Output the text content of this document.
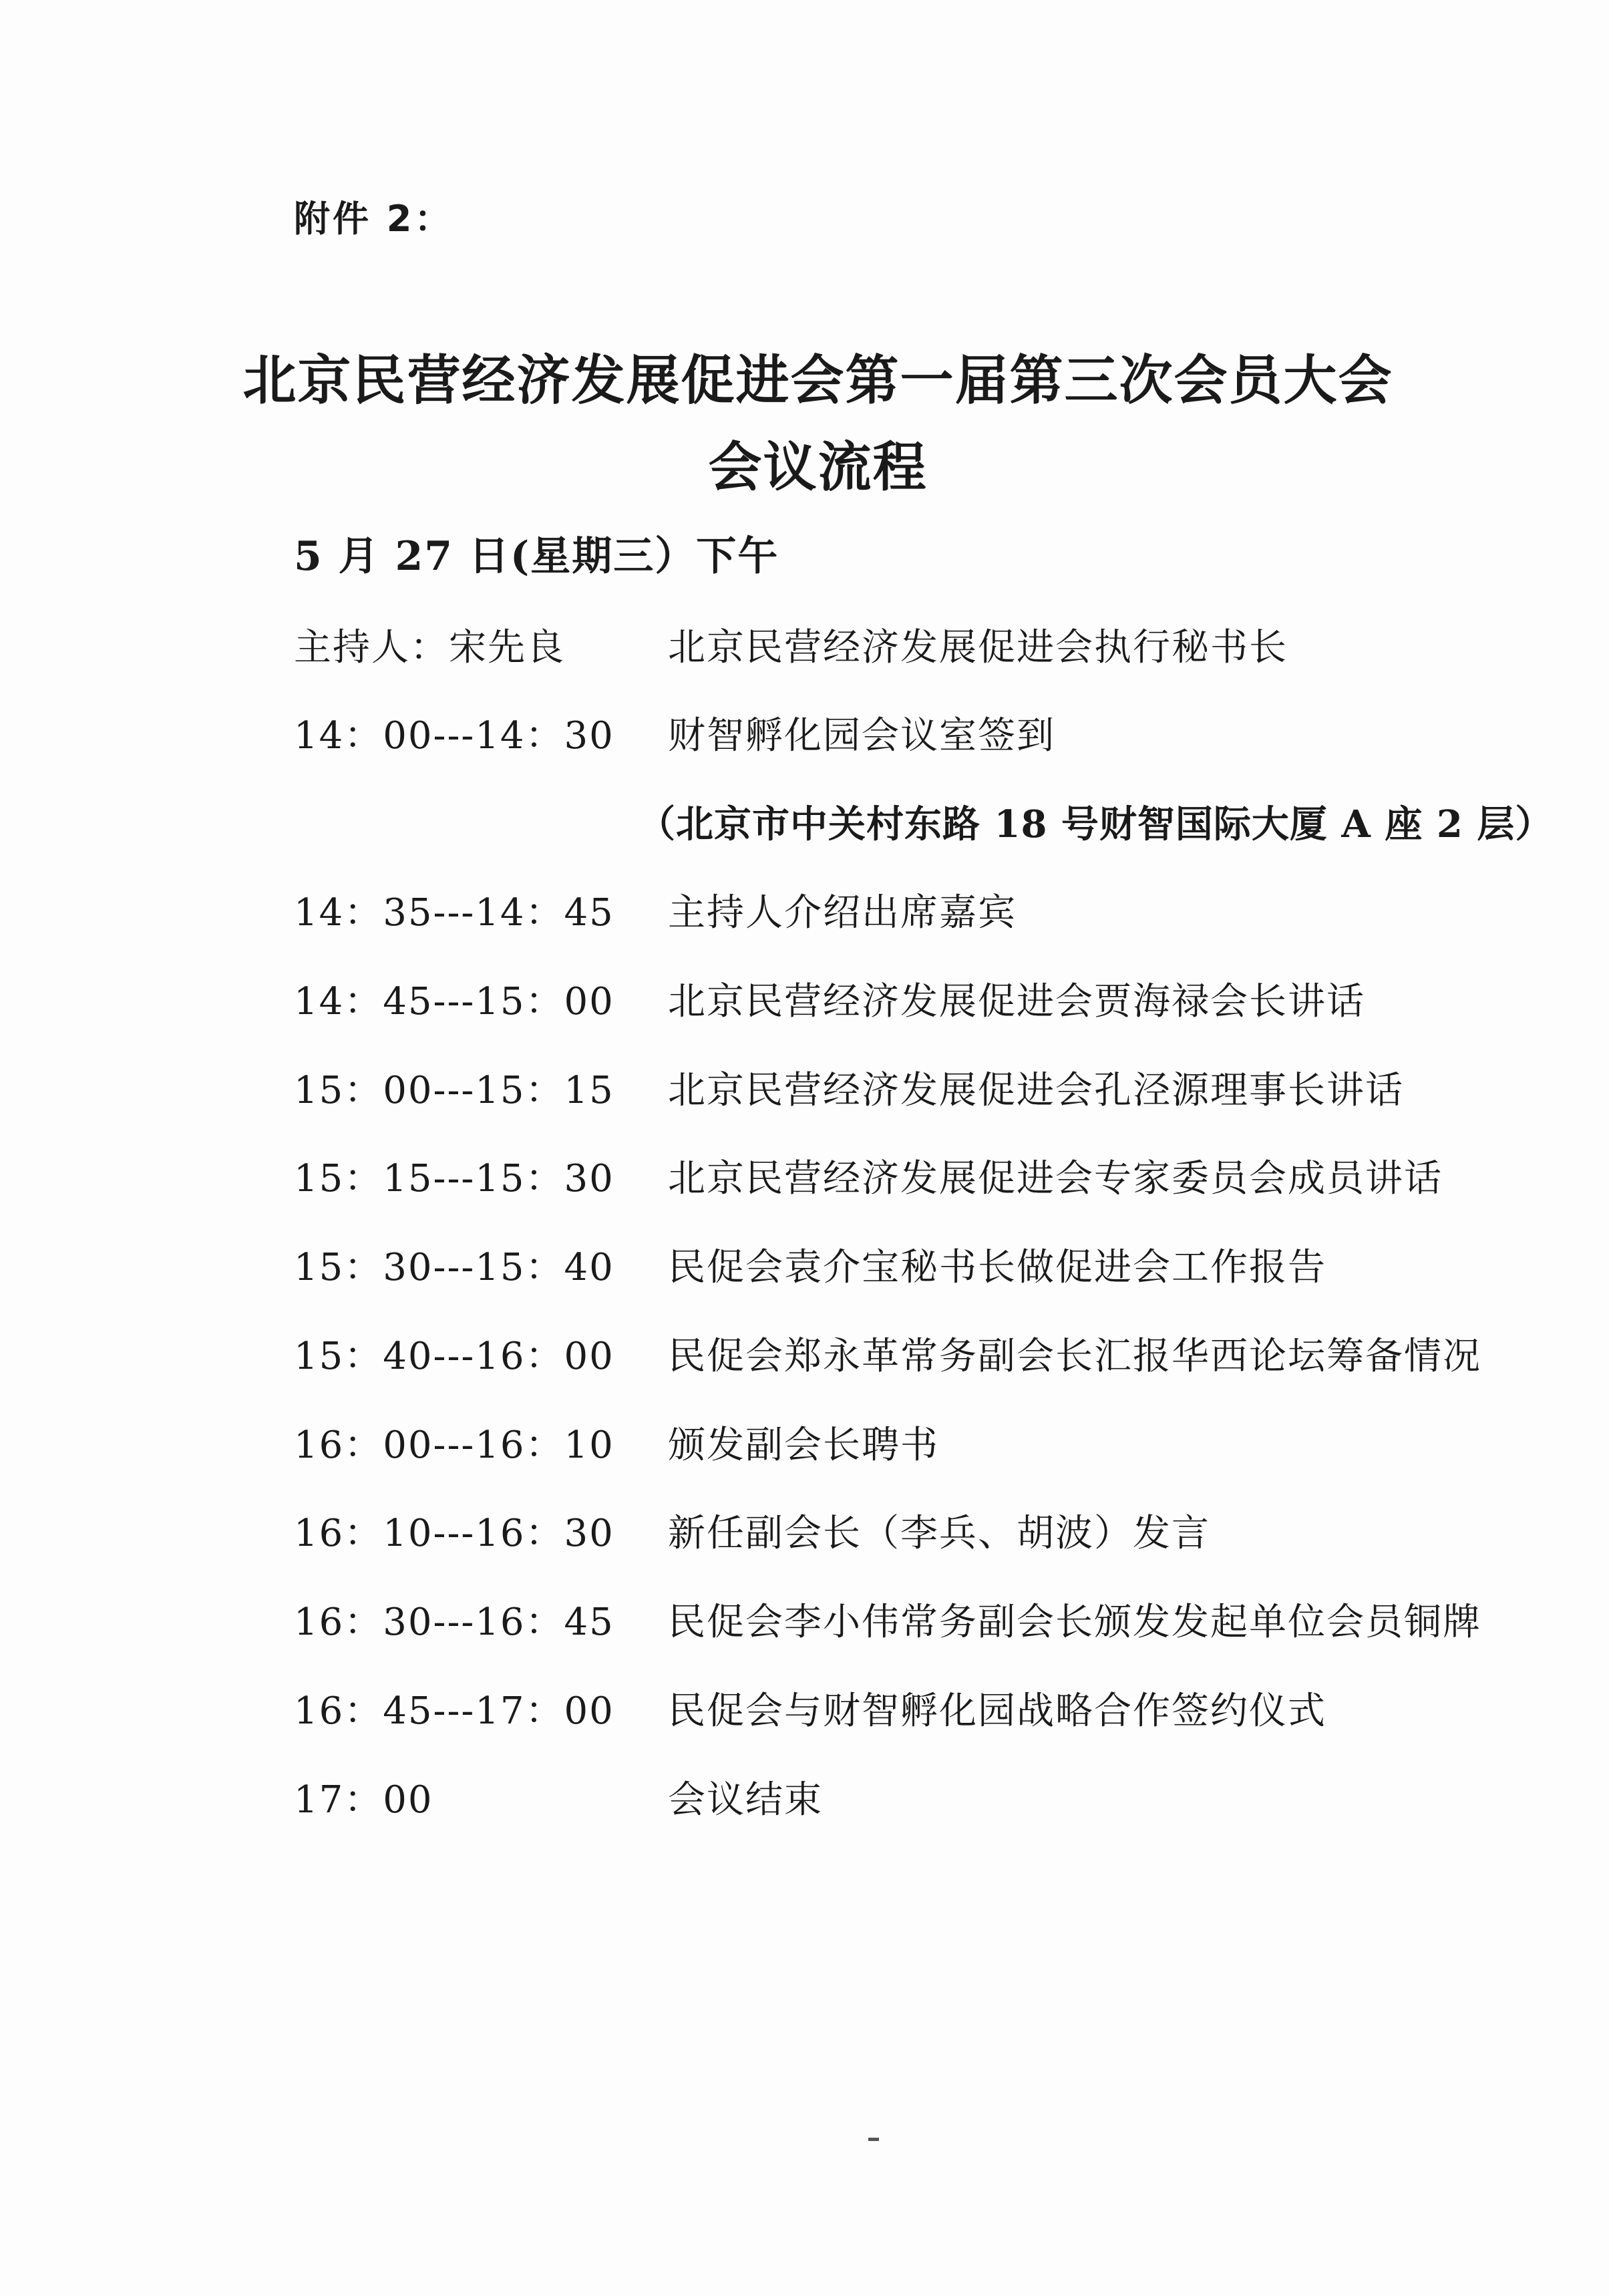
附件 2：
北京民营经济发展促进会第一届第三次会员大会
会议流程
5 月 27 日(星期三）下午
主持人：宋先良	北京民营经济发展促进会执行秘书长
14：00---14：30 财智孵化园会议室签到
（北京市中关村东路 18 号财智国际大厦 A 座 2 层）
14：35---14：45 主持人介绍出席嘉宾
14：45---15：00 北京民营经济发展促进会贾海禄会长讲话
15：00---15：15 北京民营经济发展促进会孔泾源理事长讲话
15：15---15：30 北京民营经济发展促进会专家委员会成员讲话
15：30---15：40 民促会袁介宝秘书长做促进会工作报告
15：40---16：00 民促会郑永革常务副会长汇报华西论坛筹备情况
16：00---16：10 颁发副会长聘书
16：10---16：30 新任副会长（李兵、胡波）发言
16：30---16：45 民促会李小伟常务副会长颁发发起单位会员铜牌
16：45---17：00 民促会与财智孵化园战略合作签约仪式
17：00	会议结束
